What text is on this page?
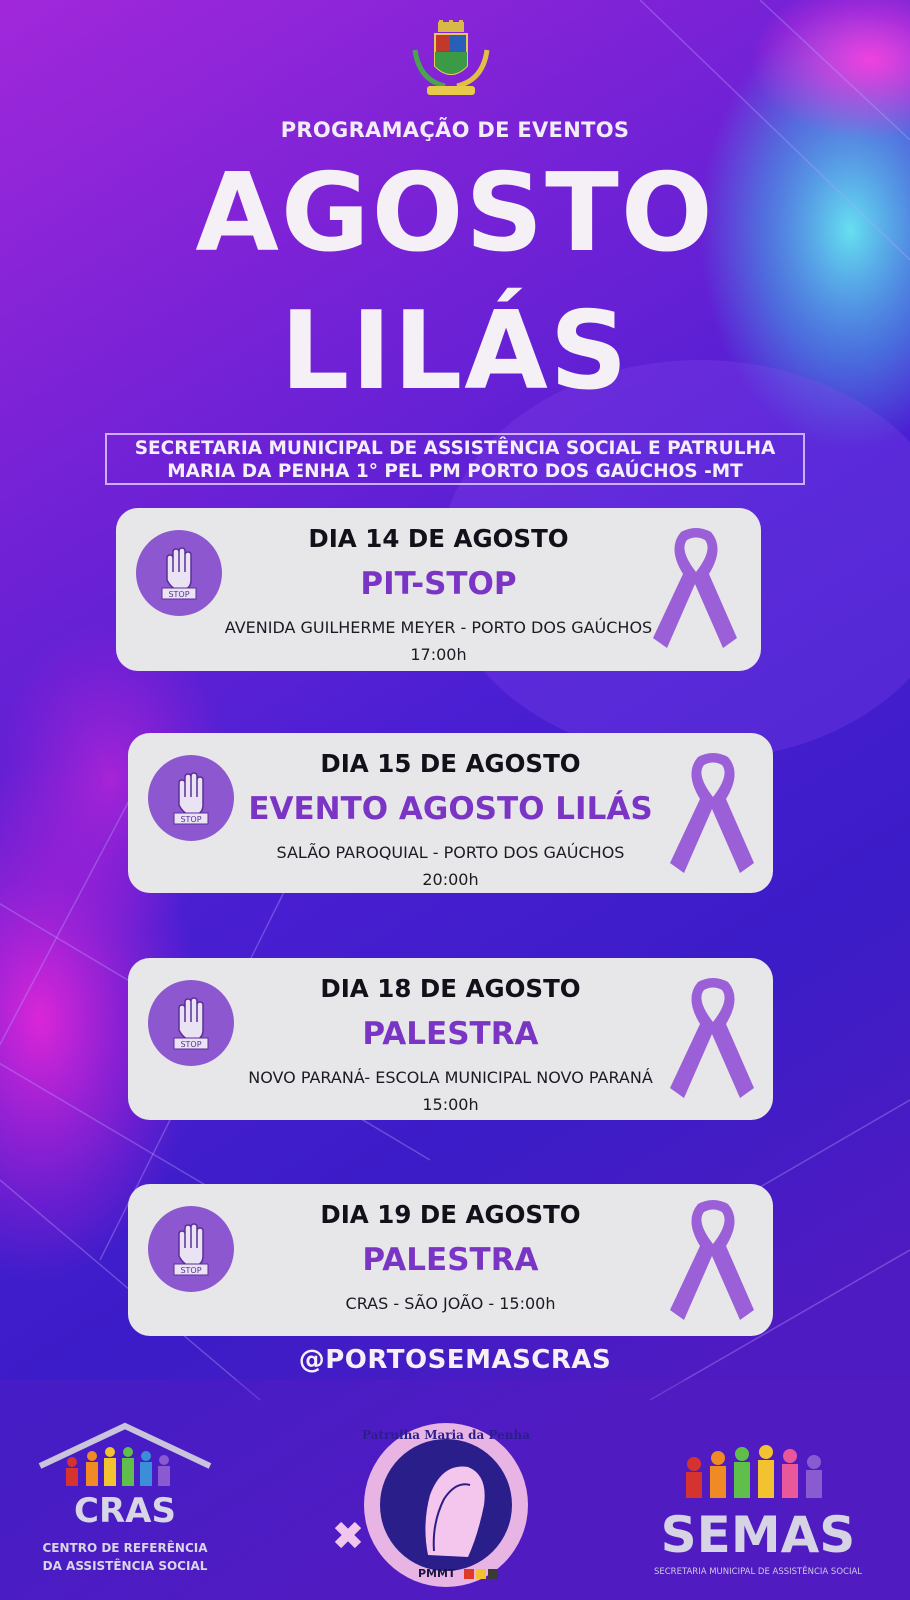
PROGRAMAÇÃO DE EVENTOS
AGOSTO
LILÁS
SECRETARIA MUNICIPAL DE ASSISTÊNCIA SOCIAL E PATRULHA
MARIA DA PENHA 1° PEL PM PORTO DOS GAÚCHOS -MT
STOP
DIA 14 DE AGOSTO
PIT-STOP
AVENIDA GUILHERME MEYER - PORTO DOS GAÚCHOS
17:00h
STOP
DIA 15 DE AGOSTO
EVENTO AGOSTO LILÁS
SALÃO PAROQUIAL - PORTO DOS GAÚCHOS
20:00h
STOP
DIA 18 DE AGOSTO
PALESTRA
NOVO PARANÁ- ESCOLA MUNICIPAL NOVO PARANÁ
15:00h
STOP
DIA 19 DE AGOSTO
PALESTRA
CRAS - SÃO JOÃO - 15:00h
@PORTOSEMASCRAS
CRAS
CENTRO DE REFERÊNCIA
DA ASSISTÊNCIA SOCIAL
PMMT
Patrulha Maria da Penha
SEMAS
SECRETARIA MUNICIPAL DE ASSISTÊNCIA SOCIAL
